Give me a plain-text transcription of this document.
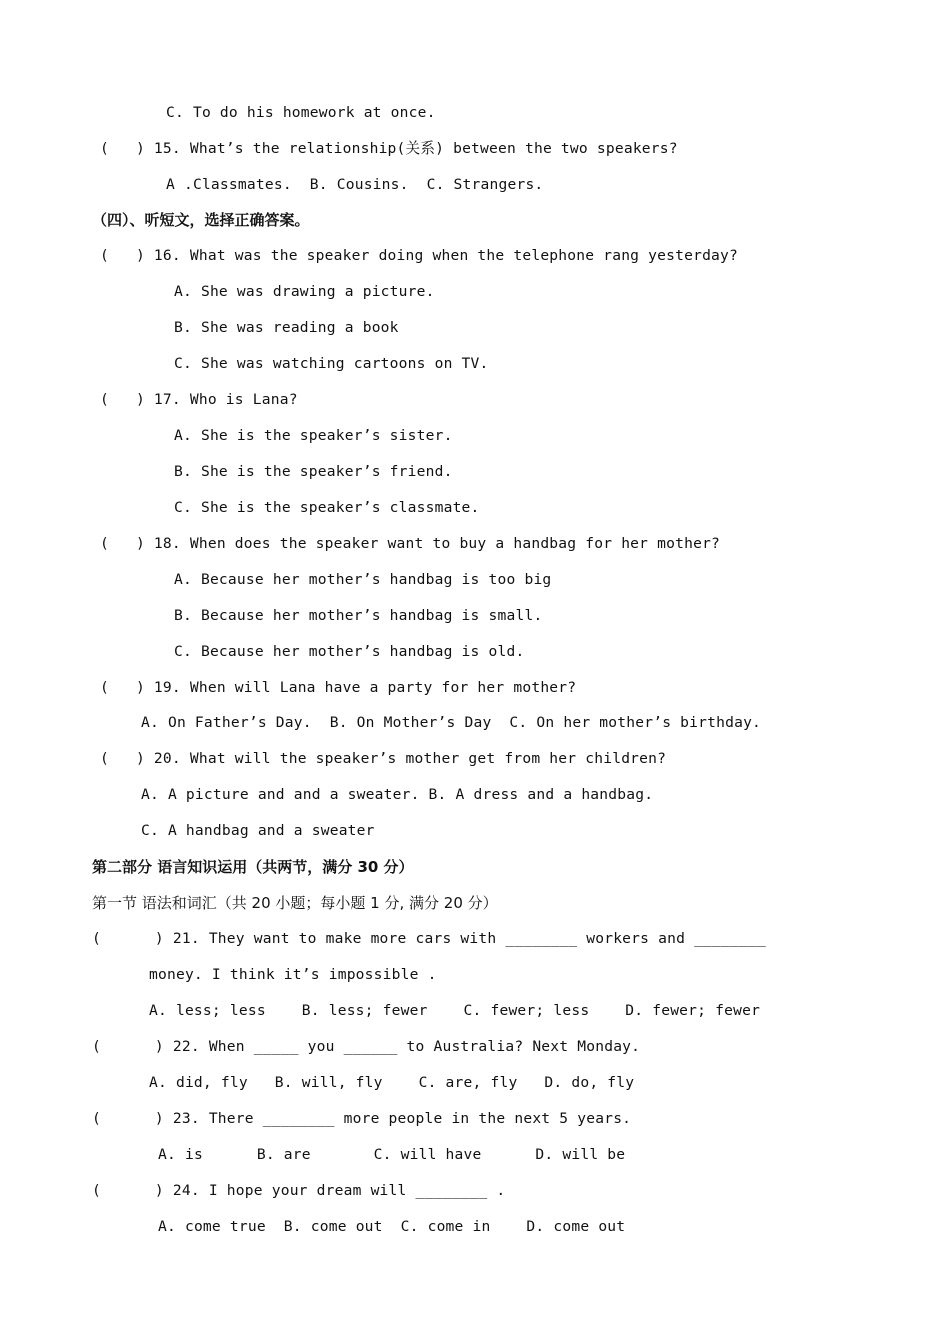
C. To do his homework at once.
(   ) 15. What’s the relationship(关系) between the two speakers?
A .Classmates.  B. Cousins.  C. Strangers.
（四）、听短文，选择正确答案。
(   ) 16. What was the speaker doing when the telephone rang yesterday?
A. She was drawing a picture.
B. She was reading a book
C. She was watching cartoons on TV.
(   ) 17. Who is Lana?
A. She is the speaker’s sister.
B. She is the speaker’s friend.
C. She is the speaker’s classmate.
(   ) 18. When does the speaker want to buy a handbag for her mother?
A. Because her mother’s handbag is too big
B. Because her mother’s handbag is small.
C. Because her mother’s handbag is old.
(   ) 19. When will Lana have a party for her mother?
A. On Father’s Day.  B. On Mother’s Day  C. On her mother’s birthday.
(   ) 20. What will the speaker’s mother get from her children?
A. A picture and and a sweater. B. A dress and a handbag.
C. A handbag and a sweater
第二部分 语言知识运用（共两节，满分 30 分）
第一节 语法和词汇（共 20 小题；每小题 1 分, 满分 20 分）
(      ) 21. They want to make more cars with ________ workers and ________
money. I think it’s impossible .
A. less; less    B. less; fewer    C. fewer; less    D. fewer; fewer
(      ) 22. When _____ you ______ to Australia? Next Monday.
A. did, fly   B. will, fly    C. are, fly   D. do, fly
(      ) 23. There ________ more people in the next 5 years.
A. is      B. are       C. will have      D. will be
(      ) 24. I hope your dream will ________ .
A. come true  B. come out  C. come in    D. come out
